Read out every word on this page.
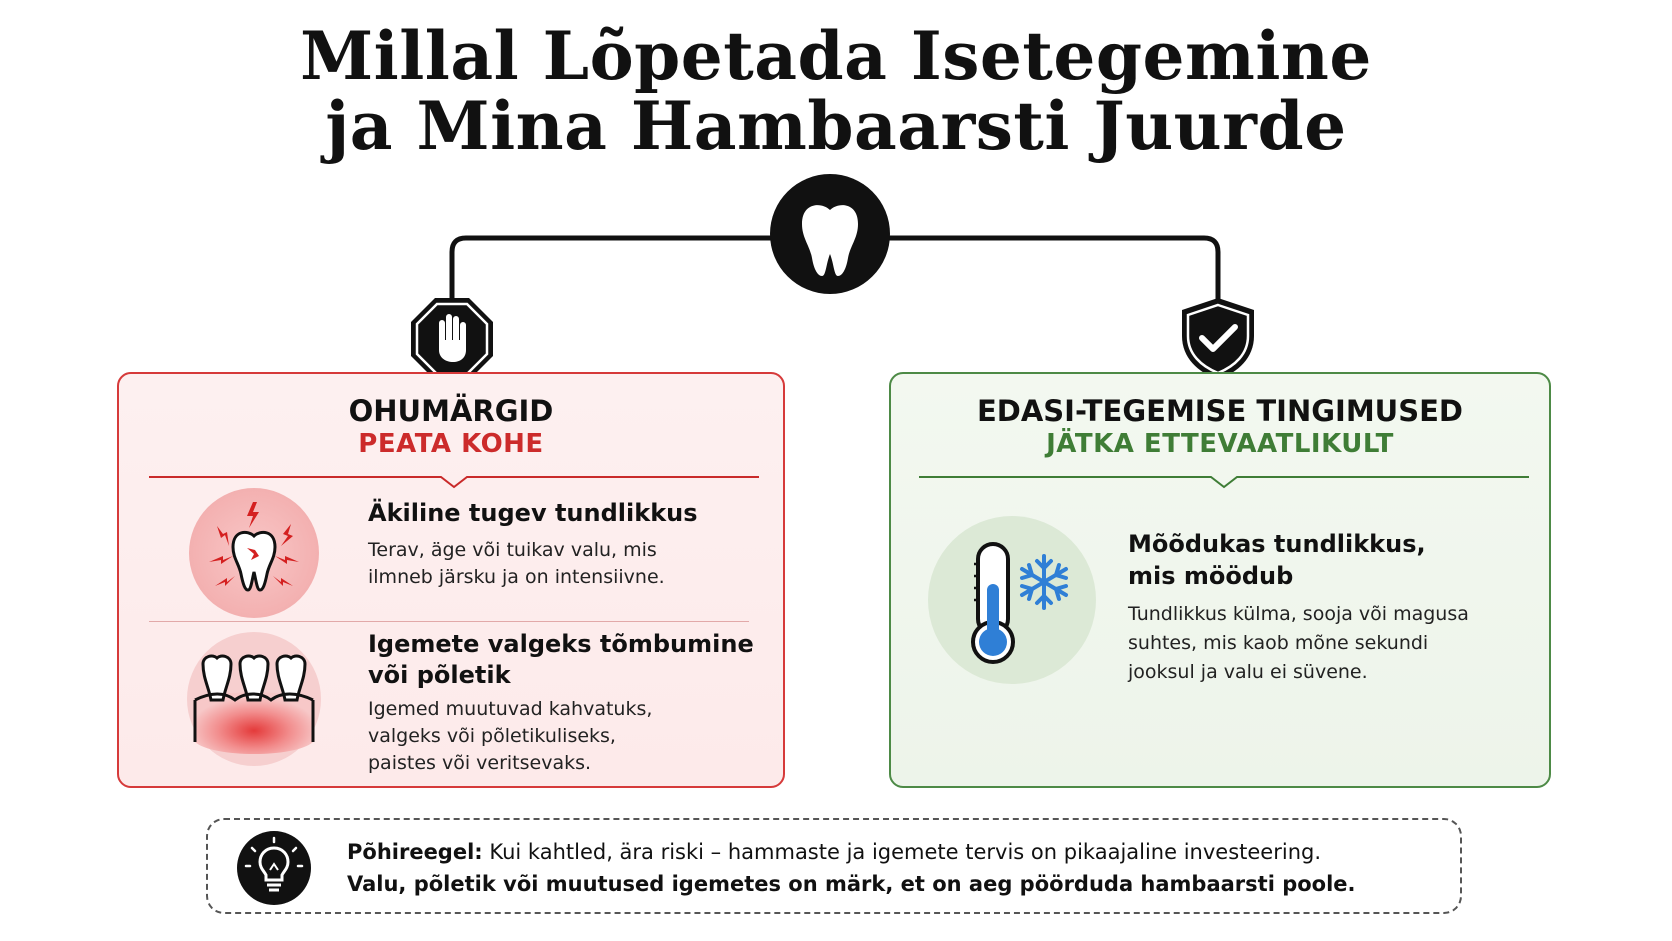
Millal Lõpetada Isetegemine
ja Mina Hambaarsti Juurde
OHUMÄRGID
PEATA KOHE
Äkiline tugev tundlikkus
Terav, äge või tuikav valu, mis
ilmneb järsku ja on intensiivne.
Igemete valgeks tõmbumine
või põletik
Igemed muutuvad kahvatuks,
valgeks või põletikuliseks,
paistes või veritsevaks.
EDASI-TEGEMISE TINGIMUSED
JÄTKA ETTEVAATLIKULT
Mõõdukas tundlikkus,
mis möödub
Tundlikkus külma, sooja või magusa
suhtes, mis kaob mõne sekundi
jooksul ja valu ei süvene.
Põhireegel: Kui kahtled, ära riski – hammaste ja igemete tervis on pikaajaline investeering.
Valu, põletik või muutused igemetes on märk, et on aeg pöörduda hambaarsti poole.
